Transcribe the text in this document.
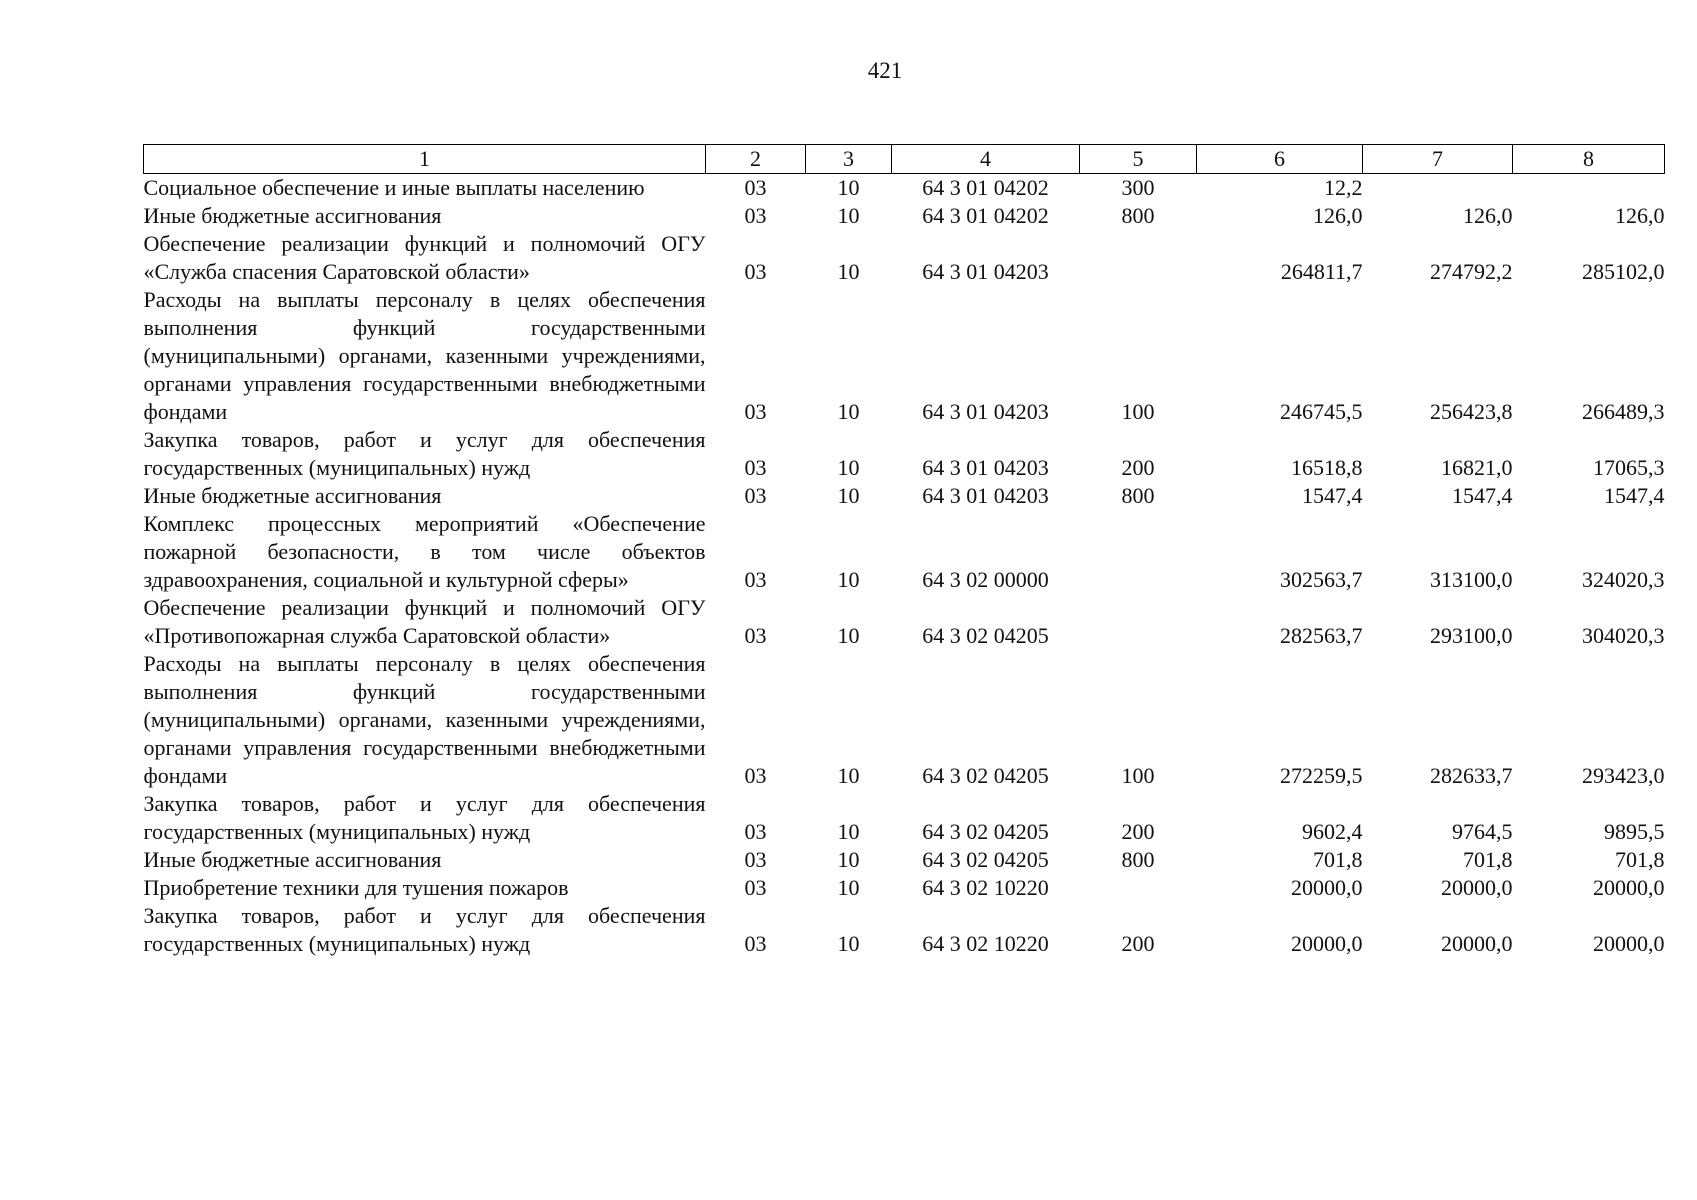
421
1	2	3	4	5	6	7	8
Социальное обеспечение и иные выплаты населению	03	10	64 3 01 04202	300	12,2		
Иные бюджетные ассигнования	03	10	64 3 01 04202	800	126,0	126,0	126,0
Обеспечение реализации функций и полномочий ОГУ «Служба спасения Саратовской области»	03	10	64 3 01 04203		264811,7	274792,2	285102,0
Расходы на выплаты персоналу в целях обеспечения выполнения функций государственными (муниципальными) органами, казенными учреждениями, органами управления государственными внебюджетными фондами	03	10	64 3 01 04203	100	246745,5	256423,8	266489,3
Закупка товаров, работ и услуг для обеспечения государственных (муниципальных) нужд	03	10	64 3 01 04203	200	16518,8	16821,0	17065,3
Иные бюджетные ассигнования	03	10	64 3 01 04203	800	1547,4	1547,4	1547,4
Комплекс процессных мероприятий «Обеспечение пожарной безопасности, в том числе объектов здравоохранения, социальной и культурной сферы»	03	10	64 3 02 00000		302563,7	313100,0	324020,3
Обеспечение реализации функций и полномочий ОГУ «Противопожарная служба Саратовской области»	03	10	64 3 02 04205		282563,7	293100,0	304020,3
Расходы на выплаты персоналу в целях обеспечения выполнения функций государственными (муниципальными) органами, казенными учреждениями, органами управления государственными внебюджетными фондами	03	10	64 3 02 04205	100	272259,5	282633,7	293423,0
Закупка товаров, работ и услуг для обеспечения государственных (муниципальных) нужд	03	10	64 3 02 04205	200	9602,4	9764,5	9895,5
Иные бюджетные ассигнования	03	10	64 3 02 04205	800	701,8	701,8	701,8
Приобретение техники для тушения пожаров	03	10	64 3 02 10220		20000,0	20000,0	20000,0
Закупка товаров, работ и услуг для обеспечения государственных (муниципальных) нужд	03	10	64 3 02 10220	200	20000,0	20000,0	20000,0
